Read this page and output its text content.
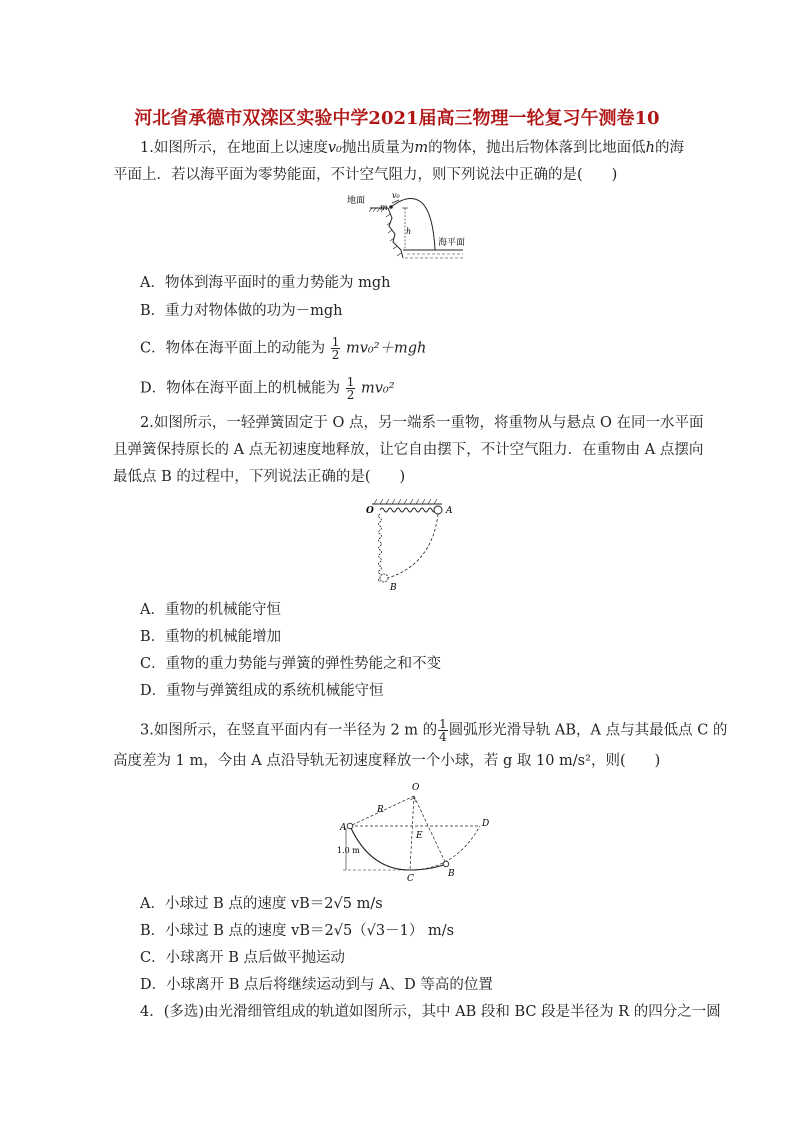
河北省承德市双滦区实验中学2021届高三物理一轮复习午测卷10
1.如图所示，在地面上以速度v₀抛出质量为m的物体，抛出后物体落到比地面低h的海
平面上．若以海平面为零势能面，不计空气阻力，则下列说法中正确的是(　　)
地面
m
v₀
h
海平面
A．物体到海平面时的重力势能为 mgh
B．重力对物体做的功为－mgh
C．物体在海平面上的动能为 $\frac{1}{2} mv_0^2+mgh$
D．物体在海平面上的机械能为 $\frac{1}{2} mv_0^2$
2.如图所示，一轻弹簧固定于 O 点，另一端系一重物，将重物从与悬点 O 在同一水平面
且弹簧保持原长的 A 点无初速度地释放，让它自由摆下，不计空气阻力．在重物由 A 点摆向
最低点 B 的过程中，下列说法正确的是(　　)
O	A
B
A．重物的机械能守恒
B．重物的机械能增加
C．重物的重力势能与弹簧的弹性势能之和不变
D．重物与弹簧组成的系统机械能守恒
3.如图所示，在竖直平面内有一半径为 2 m 的 $\frac{1}{4}$ 圆弧形光滑导轨 AB，A 点与其最低点 C 的
高度差为 1 m，今由 A 点沿导轨无初速度释放一个小球，若 g 取 10 m/s²，则(　　)
O
R
A	D
E
B
C
1.0 m
A．小球过 B 点的速度 vB＝2√5 m/s
B．小球过 B 点的速度 vB＝2√5（√3－1） m/s
C．小球离开 B 点后做平抛运动
D．小球离开 B 点后将继续运动到与 A、D 等高的位置
4．(多选)由光滑细管组成的轨道如图所示，其中 AB 段和 BC 段是半径为 R 的四分之一圆
